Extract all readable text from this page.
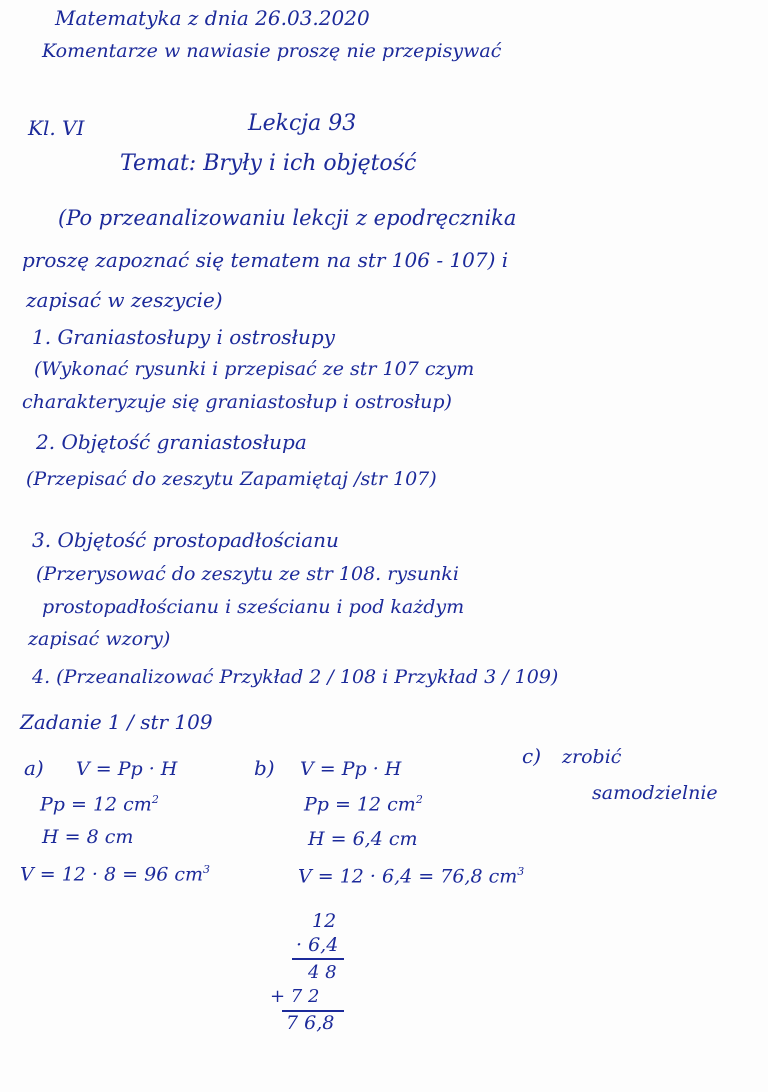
Matematyka z dnia 26.03.2020
Komentarze w nawiasie proszę nie przepisywać
Kl. VI	Lekcja 93
Temat: Bryły i ich objętość
(Po przeanalizowaniu lekcji z epodręcznika
proszę zapoznać się tematem na str 106 - 107) i
zapisać w zeszycie)
1. Graniastosłupy i ostrosłupy
(Wykonać rysunki i przepisać ze str 107 czym
charakteryzuje się graniastosłup i ostrosłup)
2. Objętość graniastosłupa
(Przepisać do zeszytu Zapamiętaj /str 107)
3. Objętość prostopadłościanu
(Przerysować do zeszytu ze str 108. rysunki
prostopadłościanu i sześcianu i pod każdym
zapisać wzory)
4. (Przeanalizować Przykład 2 / 108 i Przykład 3 / 109)
Zadanie 1 / str 109
a) V = Pp · H
Pp = 12 $cm^2$
H = 8 cm
V = 12 · 8 = 96 $cm^3$
b) V = Pp · H
Pp = 12 $cm^2$
H = 6,4 cm
V = 12 · 6,4 = 76,8 $cm^3$
c) zrobić
samodzielnie
12
· 6,4
4 8
+ 7 2
7 6,8
